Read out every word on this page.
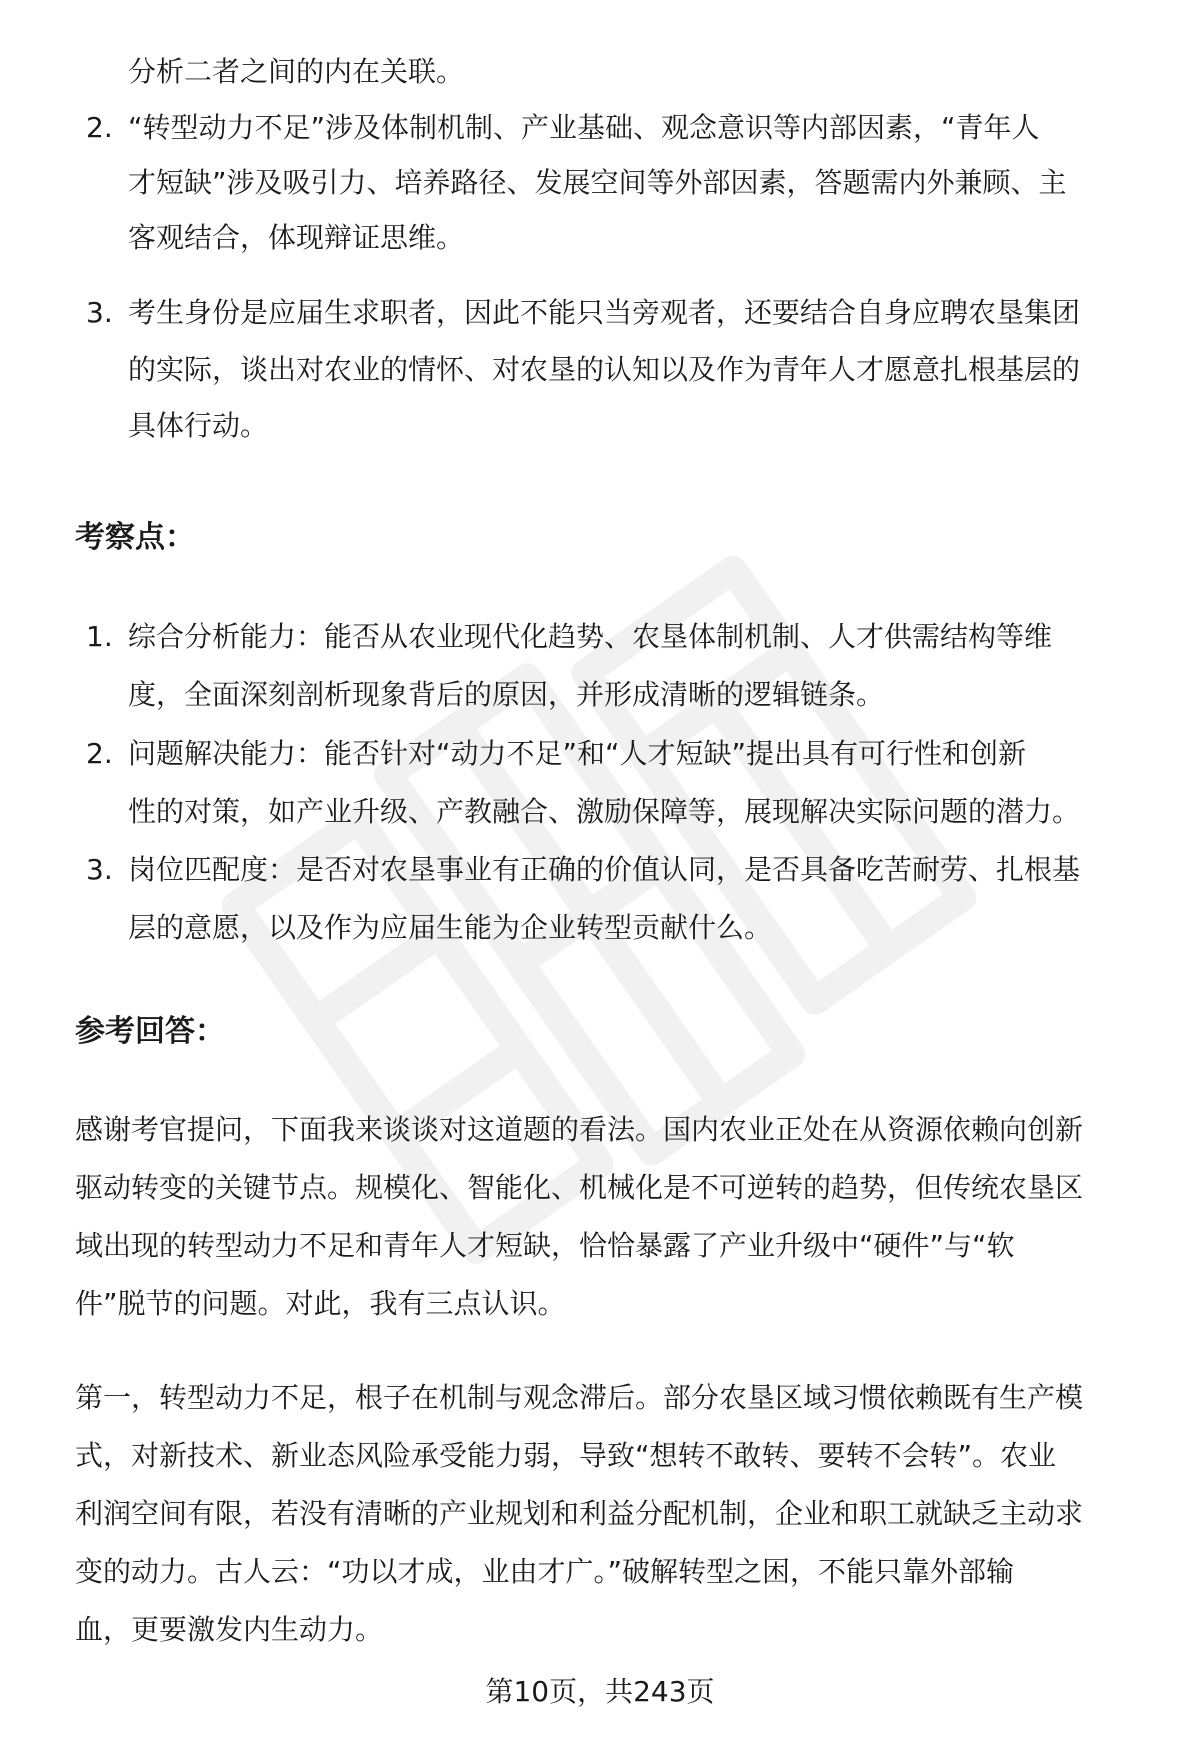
分析二者之间的内在关联。
2. “转型动力不足”涉及体制机制、产业基础、观念意识等内部因素，“青年人
才短缺”涉及吸引力、培养路径、发展空间等外部因素，答题需内外兼顾、主
客观结合，体现辩证思维。
3. 考生身份是应届生求职者，因此不能只当旁观者，还要结合自身应聘农垦集团
的实际，谈出对农业的情怀、对农垦的认知以及作为青年人才愿意扎根基层的
具体行动。
考察点：
1. 综合分析能力：能否从农业现代化趋势、农垦体制机制、人才供需结构等维
度，全面深刻剖析现象背后的原因，并形成清晰的逻辑链条。
2. 问题解决能力：能否针对“动力不足”和“人才短缺”提出具有可行性和创新
性的对策，如产业升级、产教融合、激励保障等，展现解决实际问题的潜力。
3. 岗位匹配度：是否对农垦事业有正确的价值认同，是否具备吃苦耐劳、扎根基
层的意愿，以及作为应届生能为企业转型贡献什么。
参考回答：
感谢考官提问，下面我来谈谈对这道题的看法。国内农业正处在从资源依赖向创新
驱动转变的关键节点。规模化、智能化、机械化是不可逆转的趋势，但传统农垦区
域出现的转型动力不足和青年人才短缺，恰恰暴露了产业升级中“硬件”与“软
件”脱节的问题。对此，我有三点认识。
第一，转型动力不足，根子在机制与观念滞后。部分农垦区域习惯依赖既有生产模
式，对新技术、新业态风险承受能力弱，导致“想转不敢转、要转不会转”。农业
利润空间有限，若没有清晰的产业规划和利益分配机制，企业和职工就缺乏主动求
变的动力。古人云：“功以才成，业由才广。”破解转型之困，不能只靠外部输
血，更要激发内生动力。
第10页，共243页
